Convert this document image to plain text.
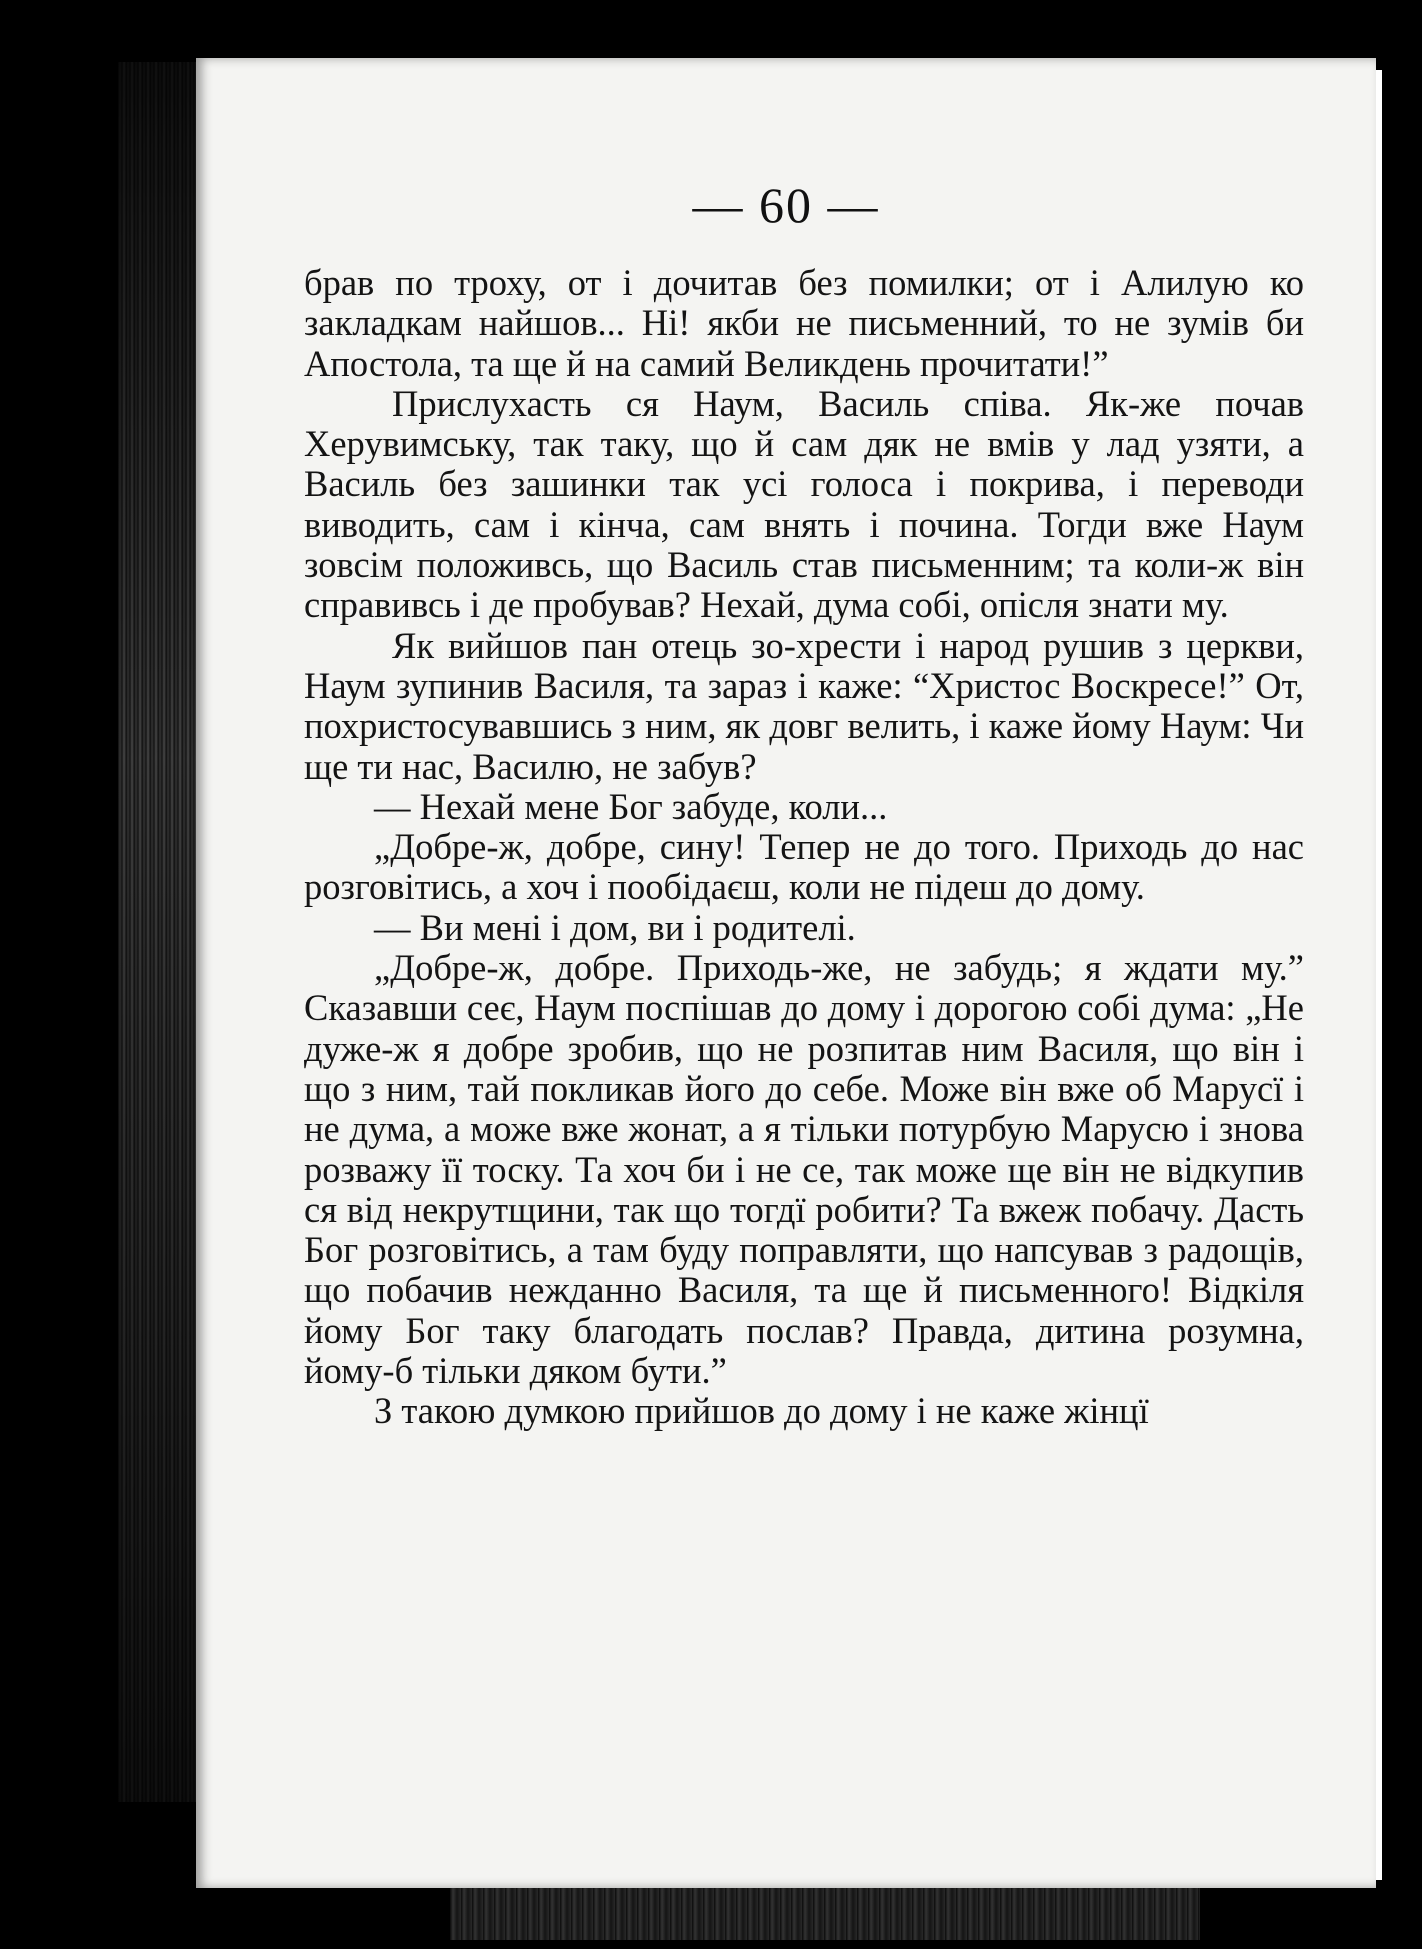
— 60 —

брав по троху, от і дочитав без помилки; от і Алилую ко закладкам найшов... Ні! якби не письменний, то не зумів би Апостола, та ще й на самий Великдень прочитати!”

Прислухасть ся Наум, Василь співа. Як-же почав Херувимську, так таку, що й сам дяк не вмів у лад узяти, а Василь без зашинки так усі голоса і покрива, і переводи виводить, сам і кінча, сам внять і почина. Тогди вже Наум зовсім положивсь, що Василь став письменним; та коли-ж він справивсь і де пробував? Нехай, дума собі, опісля знати му.

Як вийшов пан отець зо-хрести і народ рушив з церкви, Наум зупинив Василя, та зараз і каже: “Христос Воскресе!” От, похристосувавшись з ним, як довг велить, і каже йому Наум: Чи ще ти нас, Василю, не забув?

— Нехай мене Бог забуде, коли...

„Добре-ж, добре, сину! Тепер не до того. Приходь до нас розговітись, а хоч і пообідаєш, коли не підеш до дому.

— Ви мені і дом, ви і родителі.

„Добре-ж, добре. Приходь-же, не забудь; я ждати му.” Сказавши сеє, Наум поспішав до дому і дорогою собі дума: „Не дуже-ж я добре зробив, що не розпитав ним Василя, що він і що з ним, тай покликав його до себе. Може він вже об Марусї і не дума, а може вже жонат, а я тільки потурбую Марусю і знова розважу її тоску. Та хоч би і не се, так може ще він не відкупив ся від некрутщини, так що тогдї робити? Та вжеж побачу. Дасть Бог розговітись, а там буду поправляти, що напсував з радощів, що побачив нежданно Василя, та ще й письменного! Відкіля йому Бог таку благодать послав? Правда, дитина розумна, йому-б тільки дяком бути.”

З такою думкою прийшов до дому і не каже жінцї
